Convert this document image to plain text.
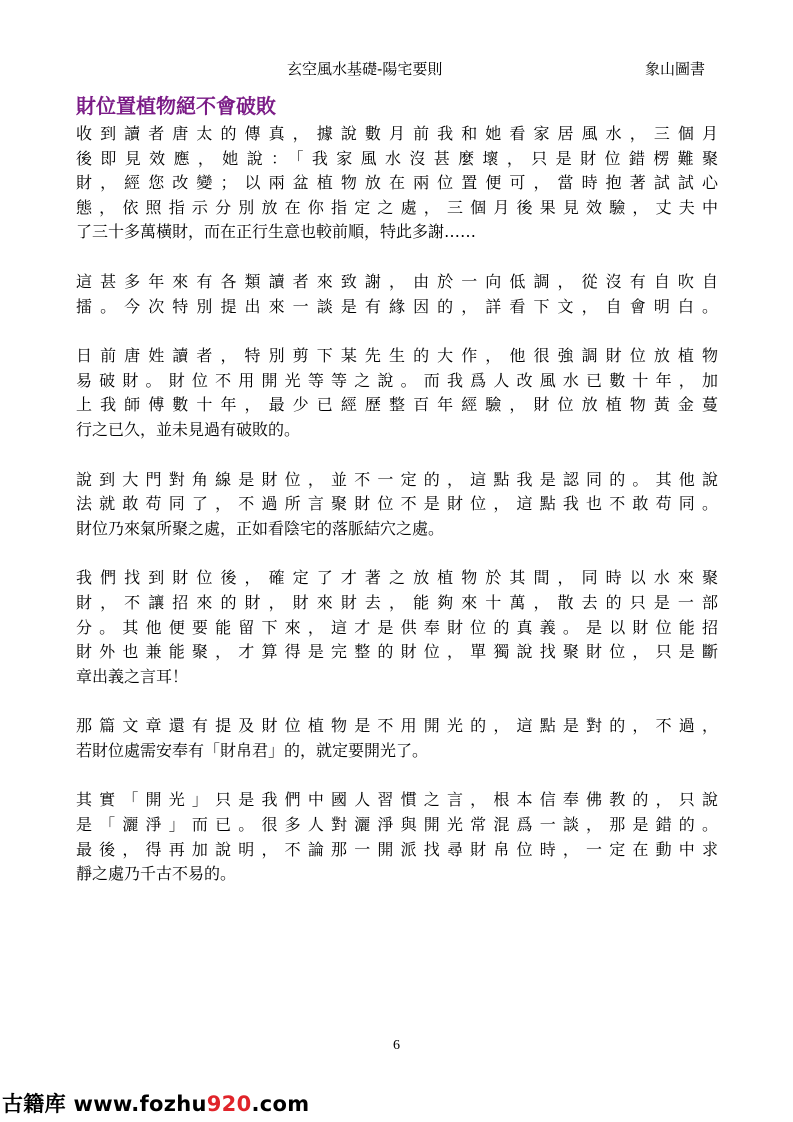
玄空風水基礎-陽宅要則	象山圖書
財位置植物絕不會破敗
收到讀者唐太的傳真，據說數月前我和她看家居風水，三個月
後即見效應，她說：「我家風水沒甚麼壞，只是財位錯楞難聚
財，經您改變；以兩盆植物放在兩位置便可，當時抱著試試心
態，依照指示分別放在你指定之處，三個月後果見效驗，丈夫中
了三十多萬橫財，而在正行生意也較前順，特此多謝……
這甚多年來有各類讀者來致謝，由於一向低調，從沒有自吹自
擂。今次特別提出來一談是有緣因的，詳看下文，自會明白。
日前唐姓讀者，特別剪下某先生的大作，他很強調財位放植物
易破財。財位不用開光等等之說。而我爲人改風水已數十年，加
上我師傅數十年，最少已經歷整百年經驗，財位放植物黃金蔓
行之已久，並未見過有破敗的。
說到大門對角線是財位，並不一定的，這點我是認同的。其他說
法就敢苟同了，不過所言聚財位不是財位，這點我也不敢苟同。
財位乃來氣所聚之處，正如看陰宅的落脈結穴之處。
我們找到財位後，確定了才著之放植物於其間，同時以水來聚
財，不讓招來的財，財來財去，能夠來十萬，散去的只是一部
分。其他便要能留下來，這才是供奉財位的真義。是以財位能招
財外也兼能聚，才算得是完整的財位，單獨說找聚財位，只是斷
章出義之言耳！
那篇文章還有提及財位植物是不用開光的，這點是對的，不過，
若財位處需安奉有「財帛君」的，就定要開光了。
其實「開光」只是我們中國人習慣之言，根本信奉佛教的，只說
是「灑淨」而已。很多人對灑淨與開光常混爲一談，那是錯的。
最後，得再加說明，不論那一開派找尋財帛位時，一定在動中求
靜之處乃千古不易的。
6
古籍库 www.fozhu920.com
